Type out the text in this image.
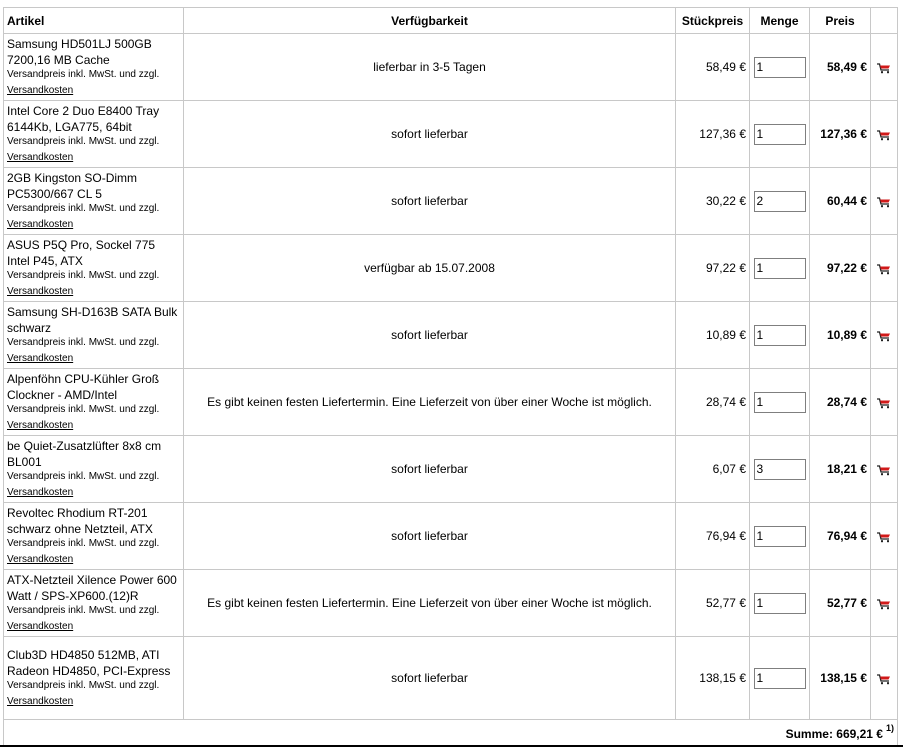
Artikel	Verfügbarkeit	Stückpreis	Menge	Preis	

Samsung HD501LJ 500GB 7200,16 MB Cache
Versandpreis inkl. MwSt. und zzgl.
Versandkosten	lieferbar in 3-5 Tagen	58,49 €	1	58,49 €	

Intel Core 2 Duo E8400 Tray 6144Kb, LGA775, 64bit
Versandpreis inkl. MwSt. und zzgl.
Versandkosten	sofort lieferbar	127,36 €	1	127,36 €	

2GB Kingston SO-Dimm PC5300/667 CL 5
Versandpreis inkl. MwSt. und zzgl.
Versandkosten	sofort lieferbar	30,22 €	2	60,44 €	

ASUS P5Q Pro, Sockel 775 Intel P45, ATX
Versandpreis inkl. MwSt. und zzgl.
Versandkosten	verfügbar ab 15.07.2008	97,22 €	1	97,22 €	

Samsung SH-D163B SATA Bulk schwarz
Versandpreis inkl. MwSt. und zzgl.
Versandkosten	sofort lieferbar	10,89 €	1	10,89 €	

Alpenföhn CPU-Kühler Groß Clockner - AMD/Intel
Versandpreis inkl. MwSt. und zzgl.
Versandkosten	Es gibt keinen festen Liefertermin. Eine Lieferzeit von über einer Woche ist möglich.	28,74 €	1	28,74 €	

be Quiet-Zusatzlüfter 8x8 cm BL001
Versandpreis inkl. MwSt. und zzgl.
Versandkosten	sofort lieferbar	6,07 €	3	18,21 €	

Revoltec Rhodium RT-201 schwarz ohne Netzteil, ATX
Versandpreis inkl. MwSt. und zzgl.
Versandkosten	sofort lieferbar	76,94 €	1	76,94 €	

ATX-Netzteil Xilence Power 600 Watt / SPS-XP600.(12)R
Versandpreis inkl. MwSt. und zzgl.
Versandkosten	Es gibt keinen festen Liefertermin. Eine Lieferzeit von über einer Woche ist möglich.	52,77 €	1	52,77 €	

Club3D HD4850 512MB, ATI Radeon HD4850, PCI-Express
Versandpreis inkl. MwSt. und zzgl.
Versandkosten	sofort lieferbar	138,15 €	1	138,15 €	
Summe: 669,21 € $^{1)}$
